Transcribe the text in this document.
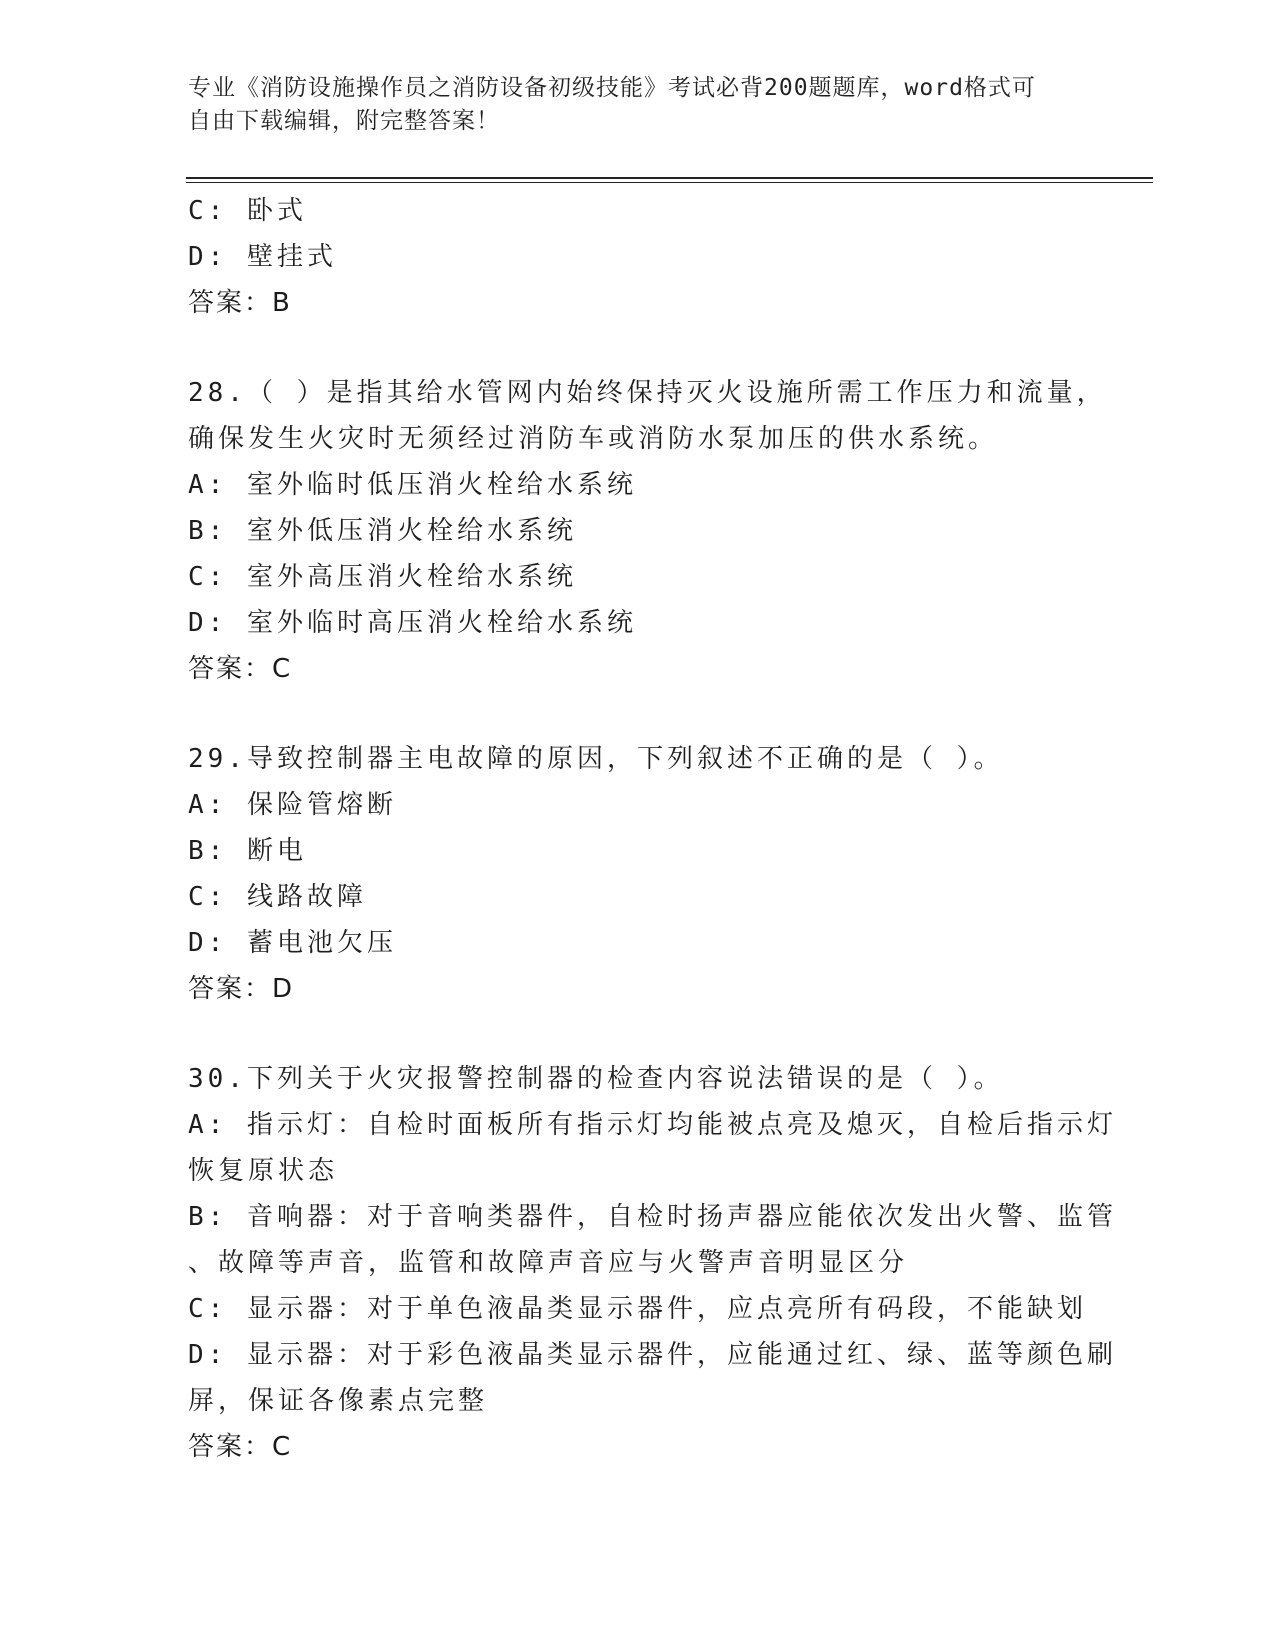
专业《消防设施操作员之消防设备初级技能》考试必背200题题库，word格式可
自由下载编辑，附完整答案！
C: 卧式
D: 壁挂式
答案：B
28.（ ）是指其给水管网内始终保持灭火设施所需工作压力和流量，
确保发生火灾时无须经过消防车或消防水泵加压的供水系统。
A: 室外临时低压消火栓给水系统
B: 室外低压消火栓给水系统
C: 室外高压消火栓给水系统
D: 室外临时高压消火栓给水系统
答案：C
29.导致控制器主电故障的原因，下列叙述不正确的是（ ）。
A: 保险管熔断
B: 断电
C: 线路故障
D: 蓄电池欠压
答案：D
30.下列关于火灾报警控制器的检查内容说法错误的是（ ）。
A: 指示灯：自检时面板所有指示灯均能被点亮及熄灭，自检后指示灯
恢复原状态
B: 音响器：对于音响类器件，自检时扬声器应能依次发出火警、监管
、故障等声音，监管和故障声音应与火警声音明显区分
C: 显示器：对于单色液晶类显示器件，应点亮所有码段，不能缺划
D: 显示器：对于彩色液晶类显示器件，应能通过红、绿、蓝等颜色刷
屏，保证各像素点完整
答案：C
